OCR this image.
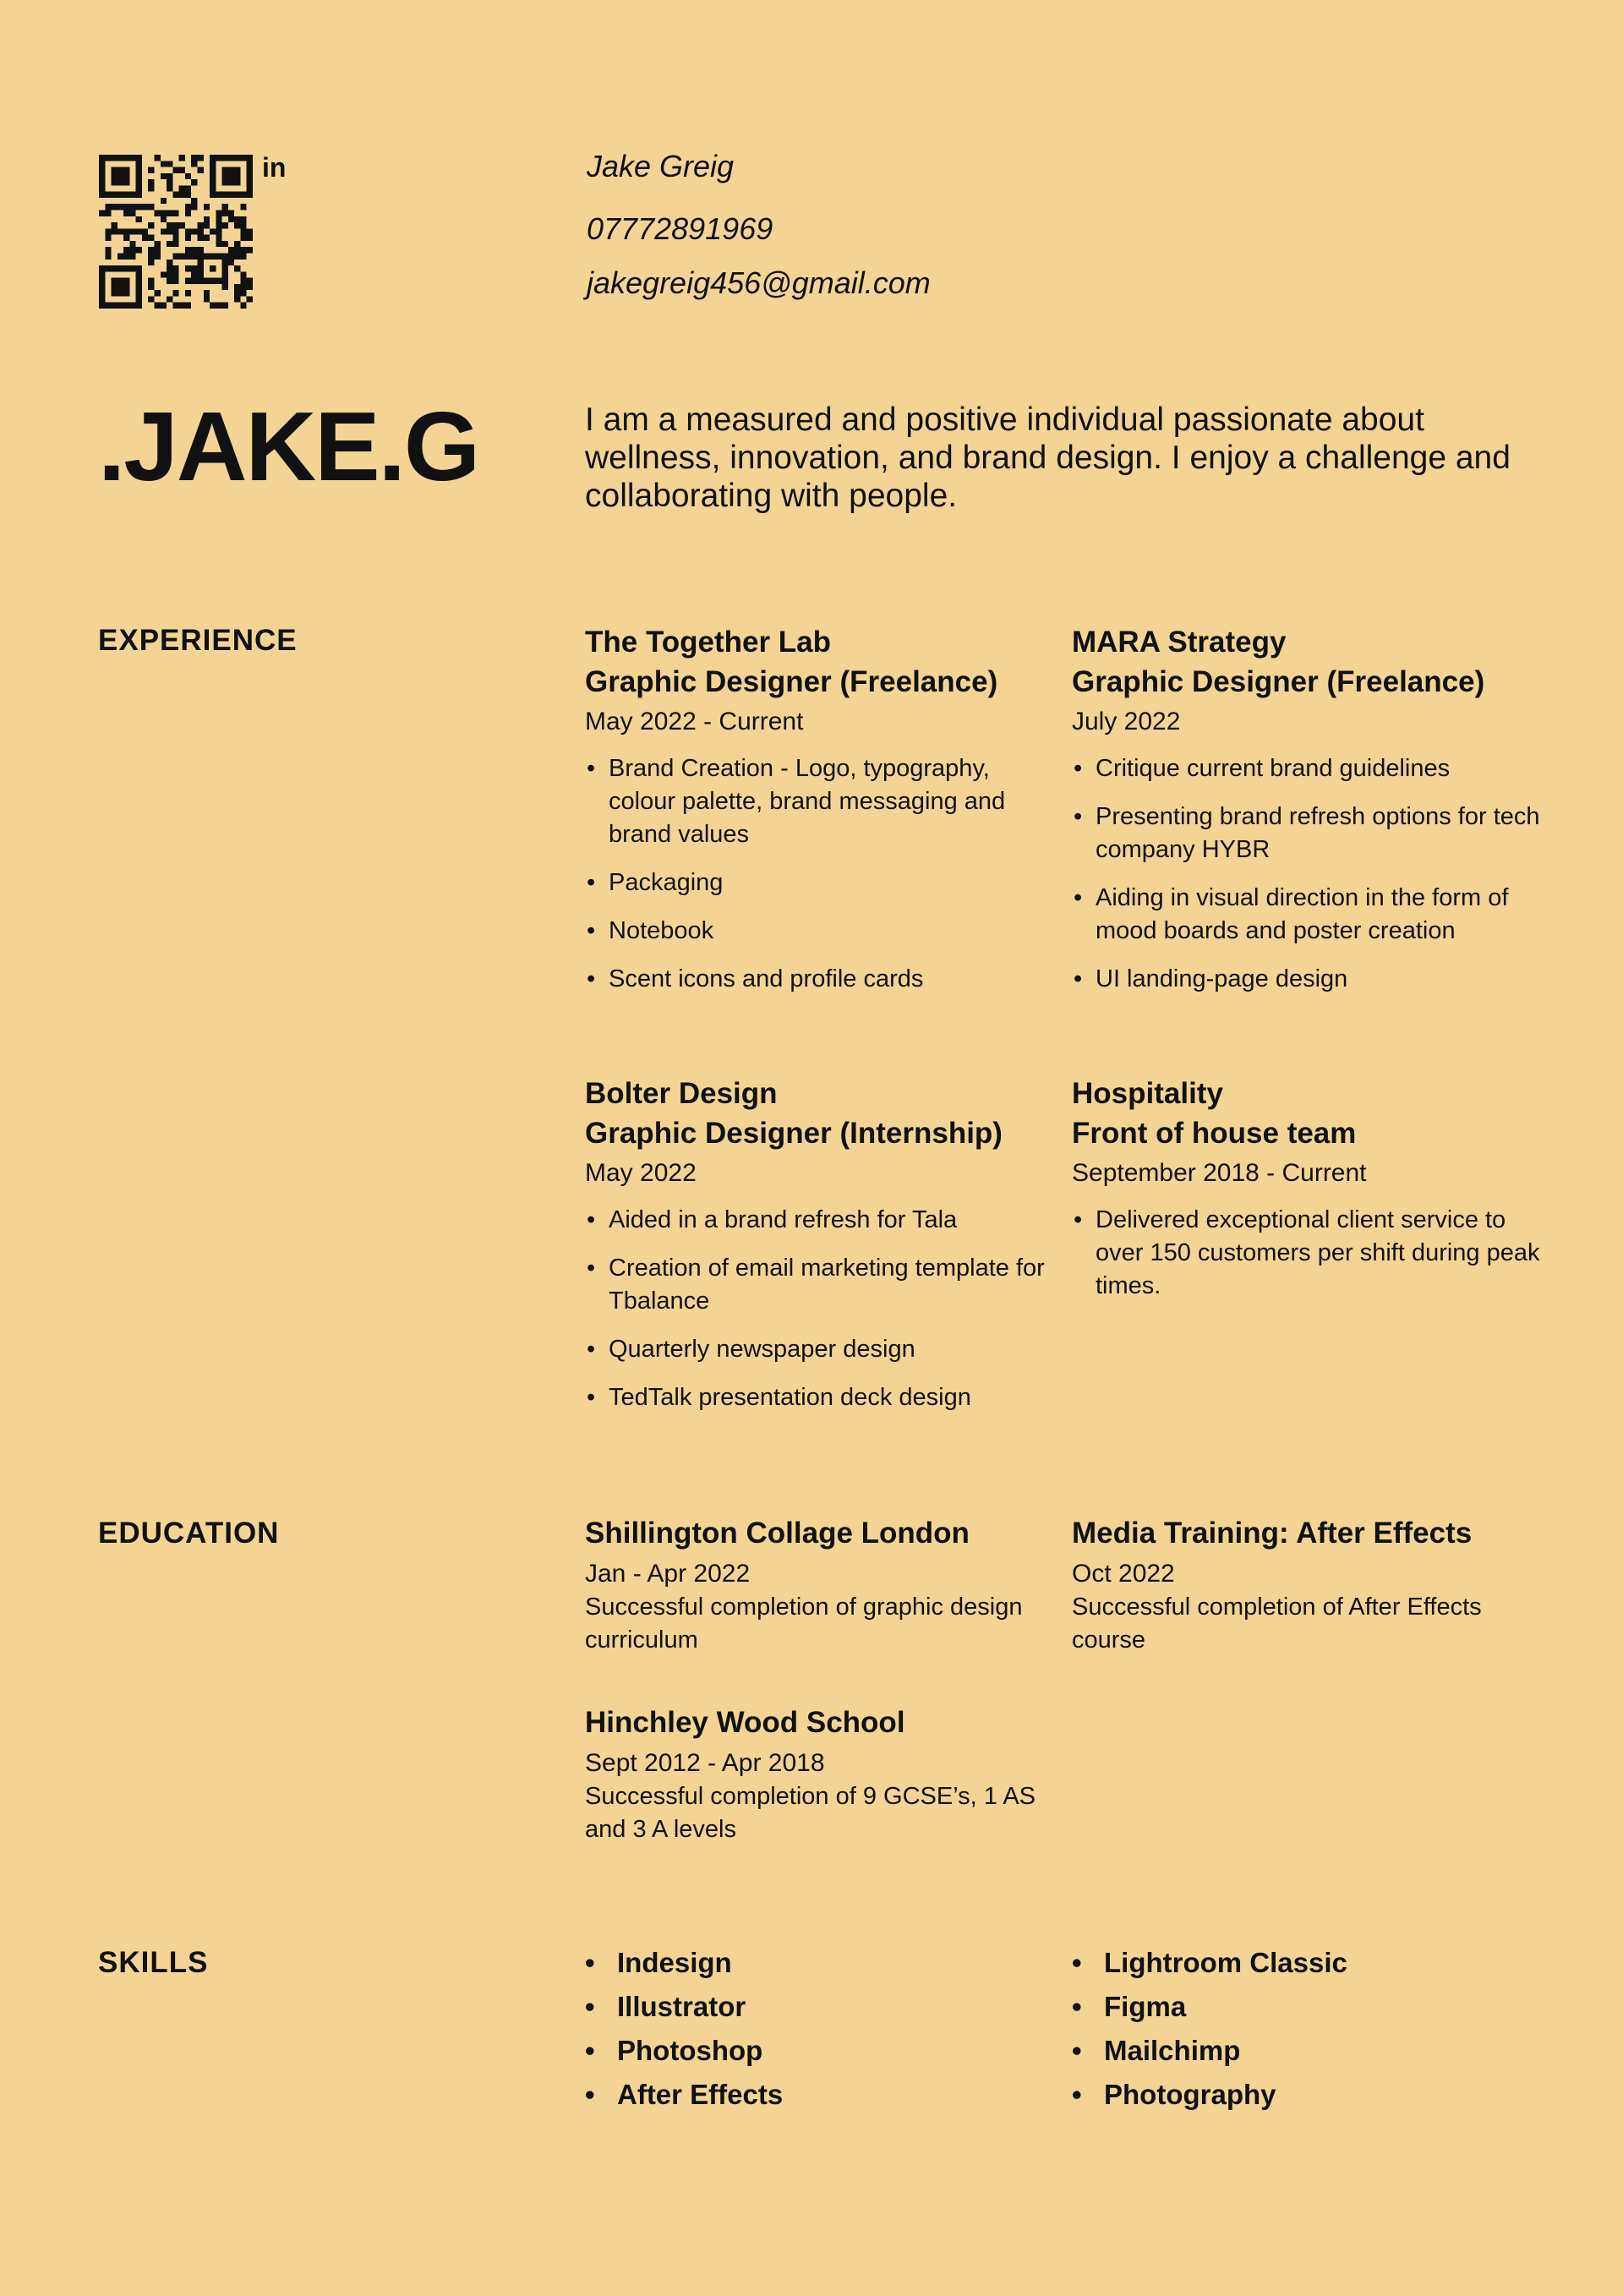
in	Jake Greig
07772891969
jakegreig456@gmail.com
.JAKE.G	I am a measured and positive individual passionate about wellness, innovation, and brand design. I enjoy a challenge and collaborating with people.
EXPERIENCE	The Together Lab
Graphic Designer (Freelance)
May 2022 - Current
• Brand Creation - Logo, typography, colour palette, brand messaging and brand values
• Packaging
• Notebook
• Scent icons and profile cards
MARA Strategy
Graphic Designer (Freelance)
July 2022
• Critique current brand guidelines
• Presenting brand refresh options for tech company HYBR
• Aiding in visual direction in the form of mood boards and poster creation
• UI landing-page design
Bolter Design
Graphic Designer (Internship)
May 2022
• Aided in a brand refresh for Tala
• Creation of email marketing template for Tbalance
• Quarterly newspaper design
• TedTalk presentation deck design
Hospitality
Front of house team
September 2018 - Current
• Delivered exceptional client service to over 150 customers per shift during peak times.
EDUCATION	Shillington Collage London
Jan - Apr 2022
Successful completion of graphic design curriculum
Media Training: After Effects
Oct 2022
Successful completion of After Effects course
Hinchley Wood School
Sept 2012 - Apr 2018
Successful completion of 9 GCSE’s, 1 AS and 3 A levels
SKILLS
•	Indesign
• Illustrator
• Photoshop
• After Effects
• Lightroom Classic
• Figma
• Mailchimp
• Photography
